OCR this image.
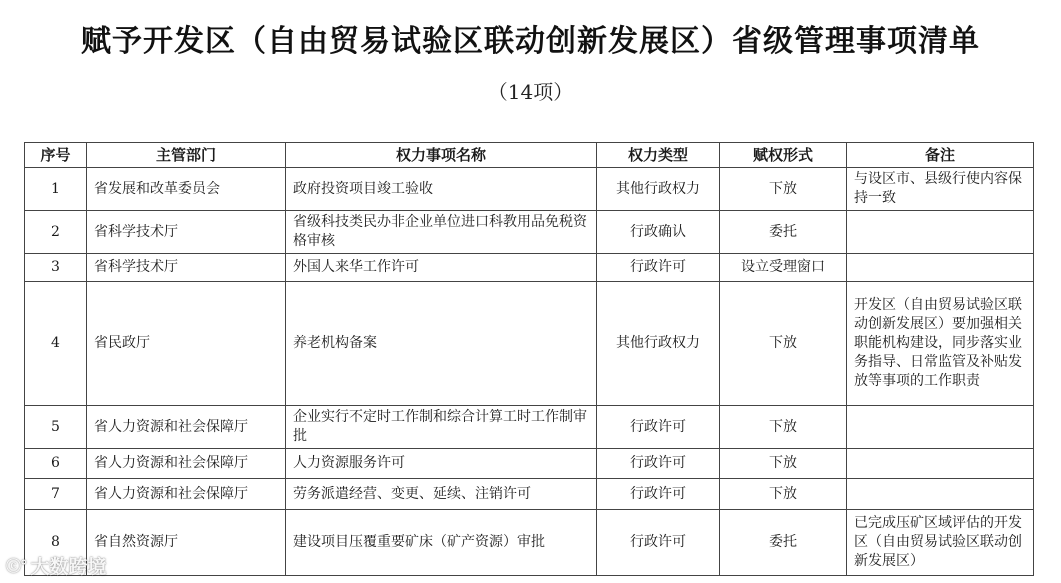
赋予开发区（自由贸易试验区联动创新发展区）省级管理事项清单
（14项）
序号	主管部门	权力事项名称	权力类型	赋权形式	备注
1	省发展和改革委员会	政府投资项目竣工验收	其他行政权力	下放	与设区市、县级行使内容保持一致
2	省科学技术厅	省级科技类民办非企业单位进口科教用品免税资格审核	行政确认	委托	
3	省科学技术厅	外国人来华工作许可	行政许可	设立受理窗口	
4	省民政厅	养老机构备案	其他行政权力	下放	开发区（自由贸易试验区联动创新发展区）要加强相关职能机构建设，同步落实业务指导、日常监管及补贴发放等事项的工作职责
5	省人力资源和社会保障厅	企业实行不定时工作制和综合计算工时工作制审批	行政许可	下放	
6	省人力资源和社会保障厅	人力资源服务许可	行政许可	下放	
7	省人力资源和社会保障厅	劳务派遣经营、变更、延续、注销许可	行政许可	下放	
8	省自然资源厅	建设项目压覆重要矿床（矿产资源）审批	行政许可	委托	已完成压矿区域评估的开发区（自由贸易试验区联动创新发展区）
ⓒ° 大数跨境
